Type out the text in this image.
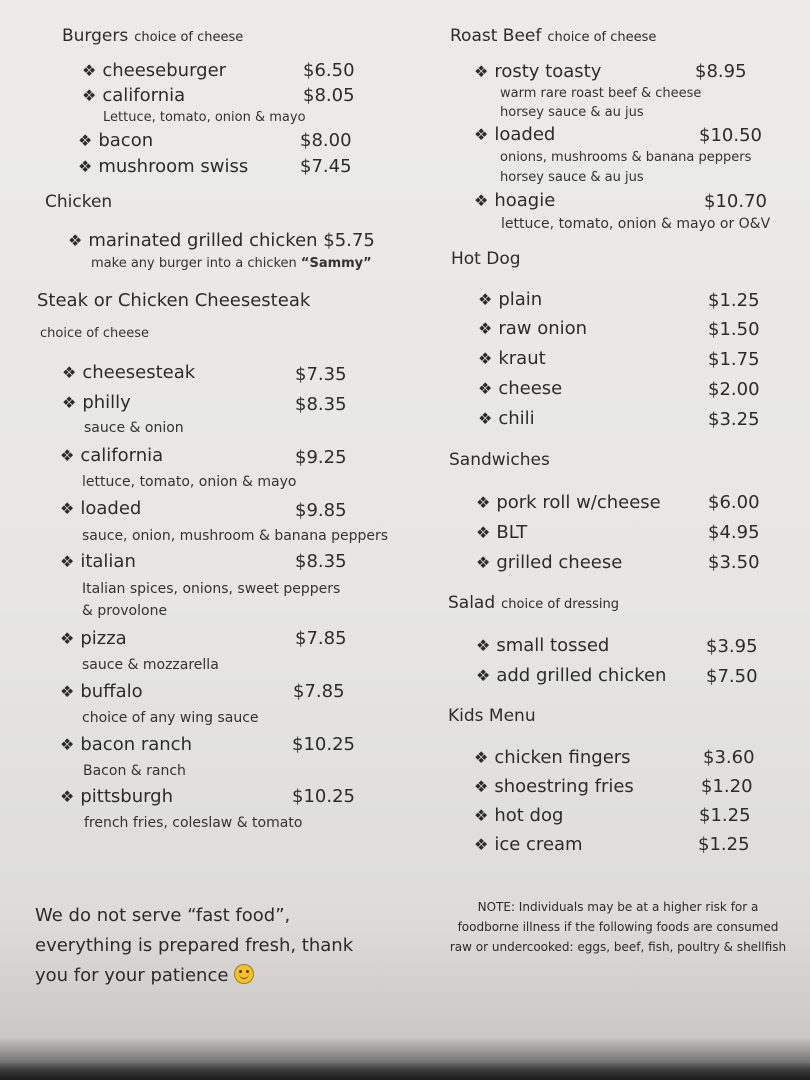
Burgers choice of cheese
❖ cheeseburger	$6.50
❖ california	$8.05
Lettuce, tomato, onion & mayo
❖ bacon	$8.00
❖ mushroom swiss	$7.45
Chicken
❖ marinated grilled chicken $5.75
make any burger into a chicken “Sammy”
Steak or Chicken Cheesesteak
choice of cheese
❖ cheesesteak	$7.35
❖ philly	$8.35
sauce & onion
❖ california	$9.25
lettuce, tomato, onion & mayo
❖ loaded	$9.85
sauce, onion, mushroom & banana peppers
❖ italian	$8.35
Italian spices, onions, sweet peppers
& provolone
❖ pizza	$7.85
sauce & mozzarella
❖ buffalo	$7.85
choice of any wing sauce
❖ bacon ranch	$10.25
Bacon & ranch
❖ pittsburgh	$10.25
french fries, coleslaw & tomato
Roast Beef choice of cheese
❖ rosty toasty	$8.95
warm rare roast beef & cheese
horsey sauce & au jus
❖ loaded	$10.50
onions, mushrooms & banana peppers
horsey sauce & au jus
❖ hoagie	$10.70
lettuce, tomato, onion & mayo or O&V
Hot Dog
❖ plain	$1.25
❖ raw onion	$1.50
❖ kraut	$1.75
❖ cheese	$2.00
❖ chili	$3.25
Sandwiches
❖ pork roll w/cheese	$6.00
❖ BLT	$4.95
❖ grilled cheese	$3.50
Salad choice of dressing
❖ small tossed	$3.95
❖ add grilled chicken $7.50
Kids Menu
❖ chicken fingers	$3.60
❖ shoestring fries	$1.20
❖ hot dog	$1.25
❖ ice cream	$1.25
We do not serve “fast food”, everything is prepared fresh, thank you for your patience
NOTE: Individuals may be at a higher risk for a
foodborne illness if the following foods are consumed
raw or undercooked: eggs, beef, fish, poultry & shellfish
